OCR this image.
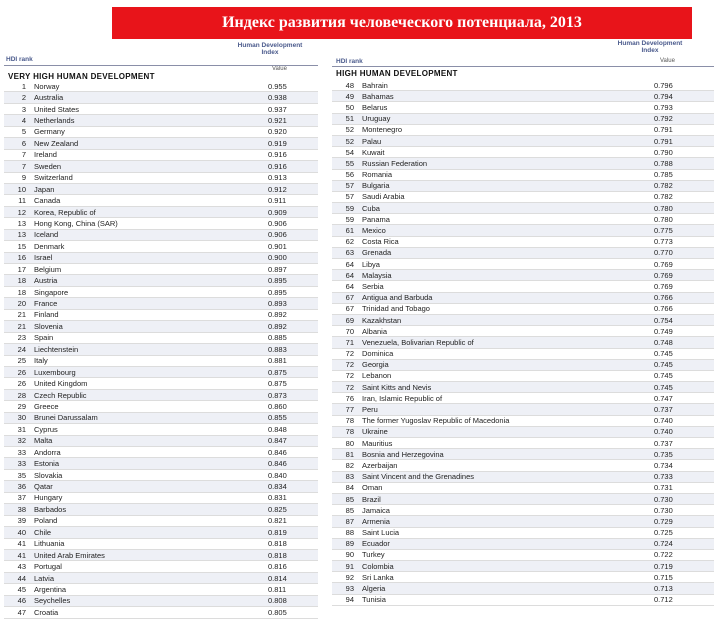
Индекс развития человеческого потенциала, 2013
Human Development
Index
HDI rank
Value
VERY HIGH HUMAN DEVELOPMENT
1	Norway	0.955
2	Australia	0.938
3	United States	0.937
4	Netherlands	0.921
5	Germany	0.920
6	New Zealand	0.919
7	Ireland	0.916
7	Sweden	0.916
9	Switzerland	0.913
10	Japan	0.912
11	Canada	0.911
12	Korea, Republic of	0.909
13	Hong Kong, China (SAR)	0.906
13	Iceland	0.906
15	Denmark	0.901
16	Israel	0.900
17	Belgium	0.897
18	Austria	0.895
18	Singapore	0.895
20	France	0.893
21	Finland	0.892
21	Slovenia	0.892
23	Spain	0.885
24	Liechtenstein	0.883
25	Italy	0.881
26	Luxembourg	0.875
26	United Kingdom	0.875
28	Czech Republic	0.873
29	Greece	0.860
30	Brunei Darussalam	0.855
31	Cyprus	0.848
32	Malta	0.847
33	Andorra	0.846
33	Estonia	0.846
35	Slovakia	0.840
36	Qatar	0.834
37	Hungary	0.831
38	Barbados	0.825
39	Poland	0.821
40	Chile	0.819
41	Lithuania	0.818
41	United Arab Emirates	0.818
43	Portugal	0.816
44	Latvia	0.814
45	Argentina	0.811
46	Seychelles	0.808
47	Croatia	0.805
Human Development
Index
HDI rank	Value
HIGH HUMAN DEVELOPMENT
48	Bahrain	0.796
49	Bahamas	0.794
50	Belarus	0.793
51	Uruguay	0.792
52	Montenegro	0.791
52	Palau	0.791
54	Kuwait	0.790
55	Russian Federation	0.788
56	Romania	0.785
57	Bulgaria	0.782
57	Saudi Arabia	0.782
59	Cuba	0.780
59	Panama	0.780
61	Mexico	0.775
62	Costa Rica	0.773
63	Grenada	0.770
64	Libya	0.769
64	Malaysia	0.769
64	Serbia	0.769
67	Antigua and Barbuda	0.766
67	Trinidad and Tobago	0.766
69	Kazakhstan	0.754
70	Albania	0.749
71	Venezuela, Bolivarian Republic of	0.748
72	Dominica	0.745
72	Georgia	0.745
72	Lebanon	0.745
72	Saint Kitts and Nevis	0.745
76	Iran, Islamic Republic of	0.747
77	Peru	0.737
78	The former Yugoslav Republic of Macedonia	0.740
78	Ukraine	0.740
80	Mauritius	0.737
81	Bosnia and Herzegovina	0.735
82	Azerbaijan	0.734
83	Saint Vincent and the Grenadines	0.733
84	Oman	0.731
85	Brazil	0.730
85	Jamaica	0.730
87	Armenia	0.729
88	Saint Lucia	0.725
89	Ecuador	0.724
90	Turkey	0.722
91	Colombia	0.719
92	Sri Lanka	0.715
93	Algeria	0.713
94	Tunisia	0.712
